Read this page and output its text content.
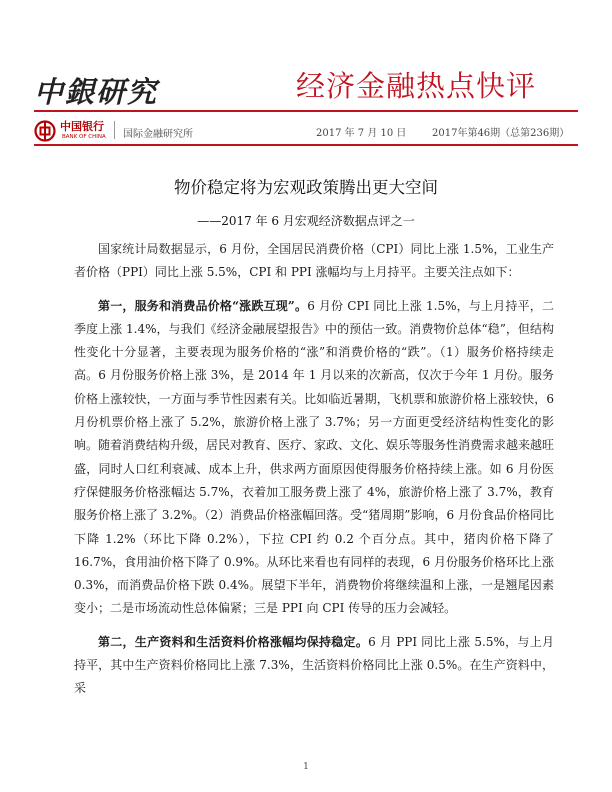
中銀研究	经济金融热点快评
中国银行
BANK OF CHINA 国际金融研究所	2017 年 7 月 10 日	2017年第46期（总第236期）
物价稳定将为宏观政策腾出更大空间
——2017 年 6 月宏观经济数据点评之一

国家统计局数据显示，6 月份，全国居民消费价格（CPI）同比上涨 1.5%，工业生产者价格（PPI）同比上涨 5.5%，CPI 和 PPI 涨幅均与上月持平。主要关注点如下：

第一，服务和消费品价格“涨跌互现”。6 月份 CPI 同比上涨 1.5%，与上月持平，二季度上涨 1.4%，与我们《经济金融展望报告》中的预估一致。消费物价总体“稳”，但结构性变化十分显著，主要表现为服务价格的“涨”和消费价格的“跌”。（1）服务价格持续走高。6 月份服务价格上涨 3%，是 2014 年 1 月以来的次新高，仅次于今年 1 月份。服务价格上涨较快，一方面与季节性因素有关。比如临近暑期，飞机票和旅游价格上涨较快，6 月份机票价格上涨了 5.2%，旅游价格上涨了 3.7%；另一方面更受经济结构性变化的影响。随着消费结构升级，居民对教育、医疗、家政、文化、娱乐等服务性消费需求越来越旺盛，同时人口红利衰减、成本上升，供求两方面原因使得服务价格持续上涨。如 6 月份医疗保健服务价格涨幅达 5.7%，衣着加工服务费上涨了 4%，旅游价格上涨了 3.7%，教育服务价格上涨了 3.2%。（2）消费品价格涨幅回落。受“猪周期”影响，6 月份食品价格同比下降 1.2%（环比下降 0.2%），下拉 CPI 约 0.2 个百分点。其中，猪肉价格下降了 16.7%，食用油价格下降了 0.9%。从环比来看也有同样的表现，6 月份服务价格环比上涨 0.3%，而消费品价格下跌 0.4%。展望下半年，消费物价将继续温和上涨，一是翘尾因素变小；二是市场流动性总体偏紧；三是 PPI 向 CPI 传导的压力会减轻。

第二，生产资料和生活资料价格涨幅均保持稳定。6 月 PPI 同比上涨 5.5%，与上月持平，其中生产资料价格同比上涨 7.3%，生活资料价格同比上涨 0.5%。在生产资料中，采

1
